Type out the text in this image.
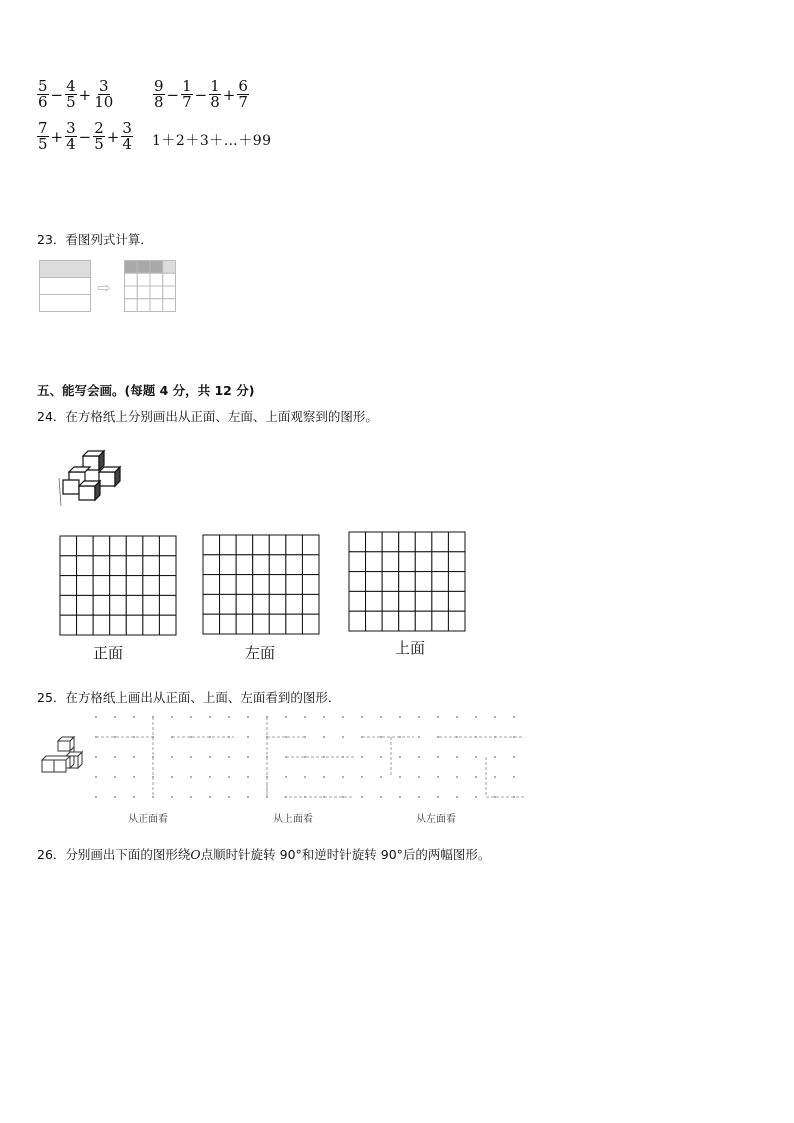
$\frac{5}{6} - \frac{4}{5} + \frac{3}{10}$	$\frac{9}{8} - \frac{1}{7} - \frac{1}{8} + \frac{6}{7}$
$\frac{7}{5} + \frac{3}{4} - \frac{2}{5} + \frac{3}{4}$ 1＋2＋3＋…＋99
23．看图列式计算．
⇨
五、能写会画。(每题 4 分，共 12 分)
24．在方格纸上分别画出从正面、左面、上面观察到的图形。
正面	左面	上面
25．在方格纸上画出从正面、上面、左面看到的图形．
从正面看	从上面看	从左面看
26．分别画出下面的图形绕O点顺时针旋转 90°和逆时针旋转 90°后的两幅图形。
